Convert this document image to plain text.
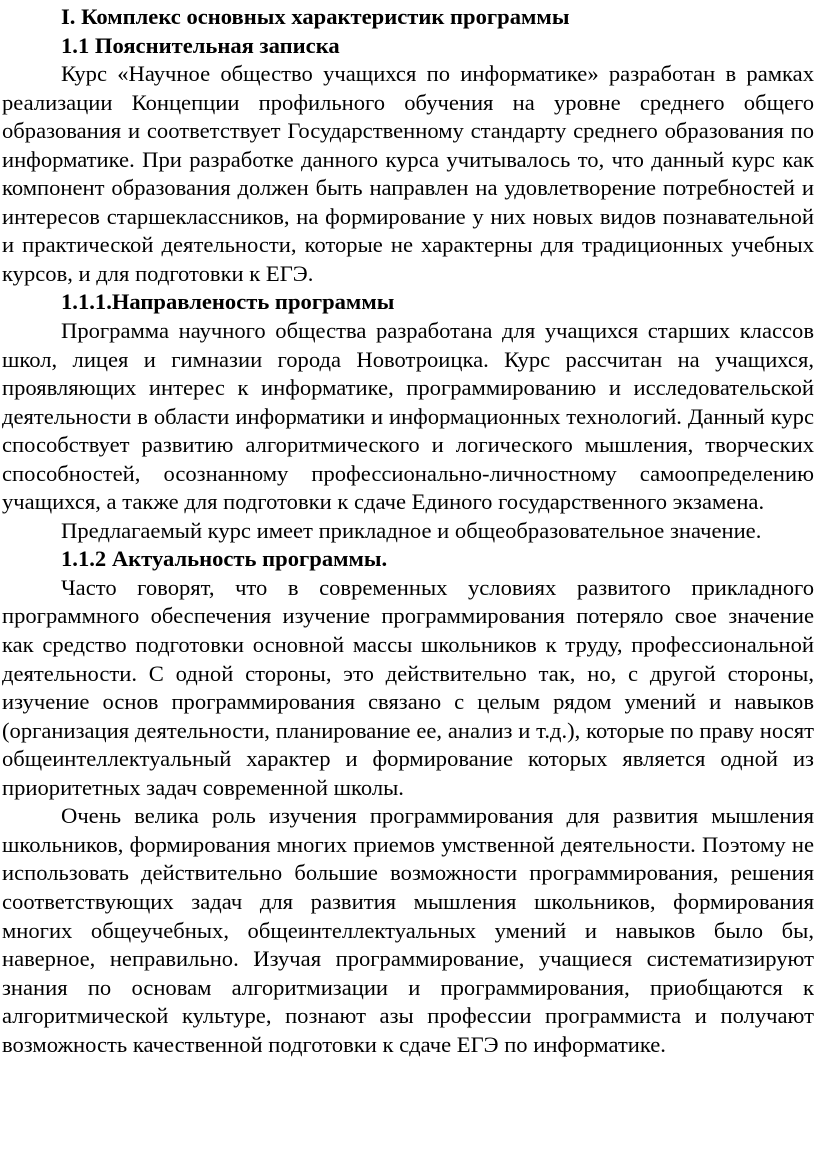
I. Комплекс основных характеристик программы

1.1 Пояснительная записка

Курс «Научное общество учащихся по информатике» разработан в рамках реализации Концепции профильного обучения на уровне среднего общего образования и соответствует Государственному стандарту среднего образования по информатике. При разработке данного курса учитывалось то, что данный курс как компонент образования должен быть направлен на удовлетворение потребностей и интересов старшеклассников, на формирование у них новых видов познавательной и практической деятельности, которые не характерны для традиционных учебных курсов, и для подготовки к ЕГЭ.

1.1.1.Направленость программы

Программа научного общества разработана для учащихся старших классов школ, лицея и гимназии города Новотроицка. Курс рассчитан на учащихся, проявляющих интерес к информатике, программированию и исследовательской деятельности в области информатики и информационных технологий. Данный курс способствует развитию алгоритмического и логического мышления, творческих способностей, осознанному профессионально-личностному самоопределению учащихся, а также для подготовки к сдаче Единого государственного экзамена.

Предлагаемый курс имеет прикладное и общеобразовательное значение.

1.1.2 Актуальность программы.

Часто говорят, что в современных условиях развитого прикладного программного обеспечения изучение программирования потеряло свое значение как средство подготовки основной массы школьников к труду, профессиональной деятельности. С одной стороны, это действительно так, но, с другой стороны, изучение основ программирования связано с целым рядом умений и навыков (организация деятельности, планирование ее, анализ и т.д.), которые по праву носят общеинтеллектуальный характер и формирование которых является одной из приоритетных задач современной школы.

Очень велика роль изучения программирования для развития мышления школьников, формирования многих приемов умственной деятельности. Поэтому не использовать действительно большие возможности программирования, решения соответствующих задач для развития мышления школьников, формирования многих общеучебных, общеинтеллектуальных умений и навыков было бы, наверное, неправильно. Изучая программирование, учащиеся систематизируют знания по основам алгоритмизации и программирования, приобщаются к алгоритмической культуре, познают азы профессии программиста и получают возможность качественной подготовки к сдаче ЕГЭ по информатике.
